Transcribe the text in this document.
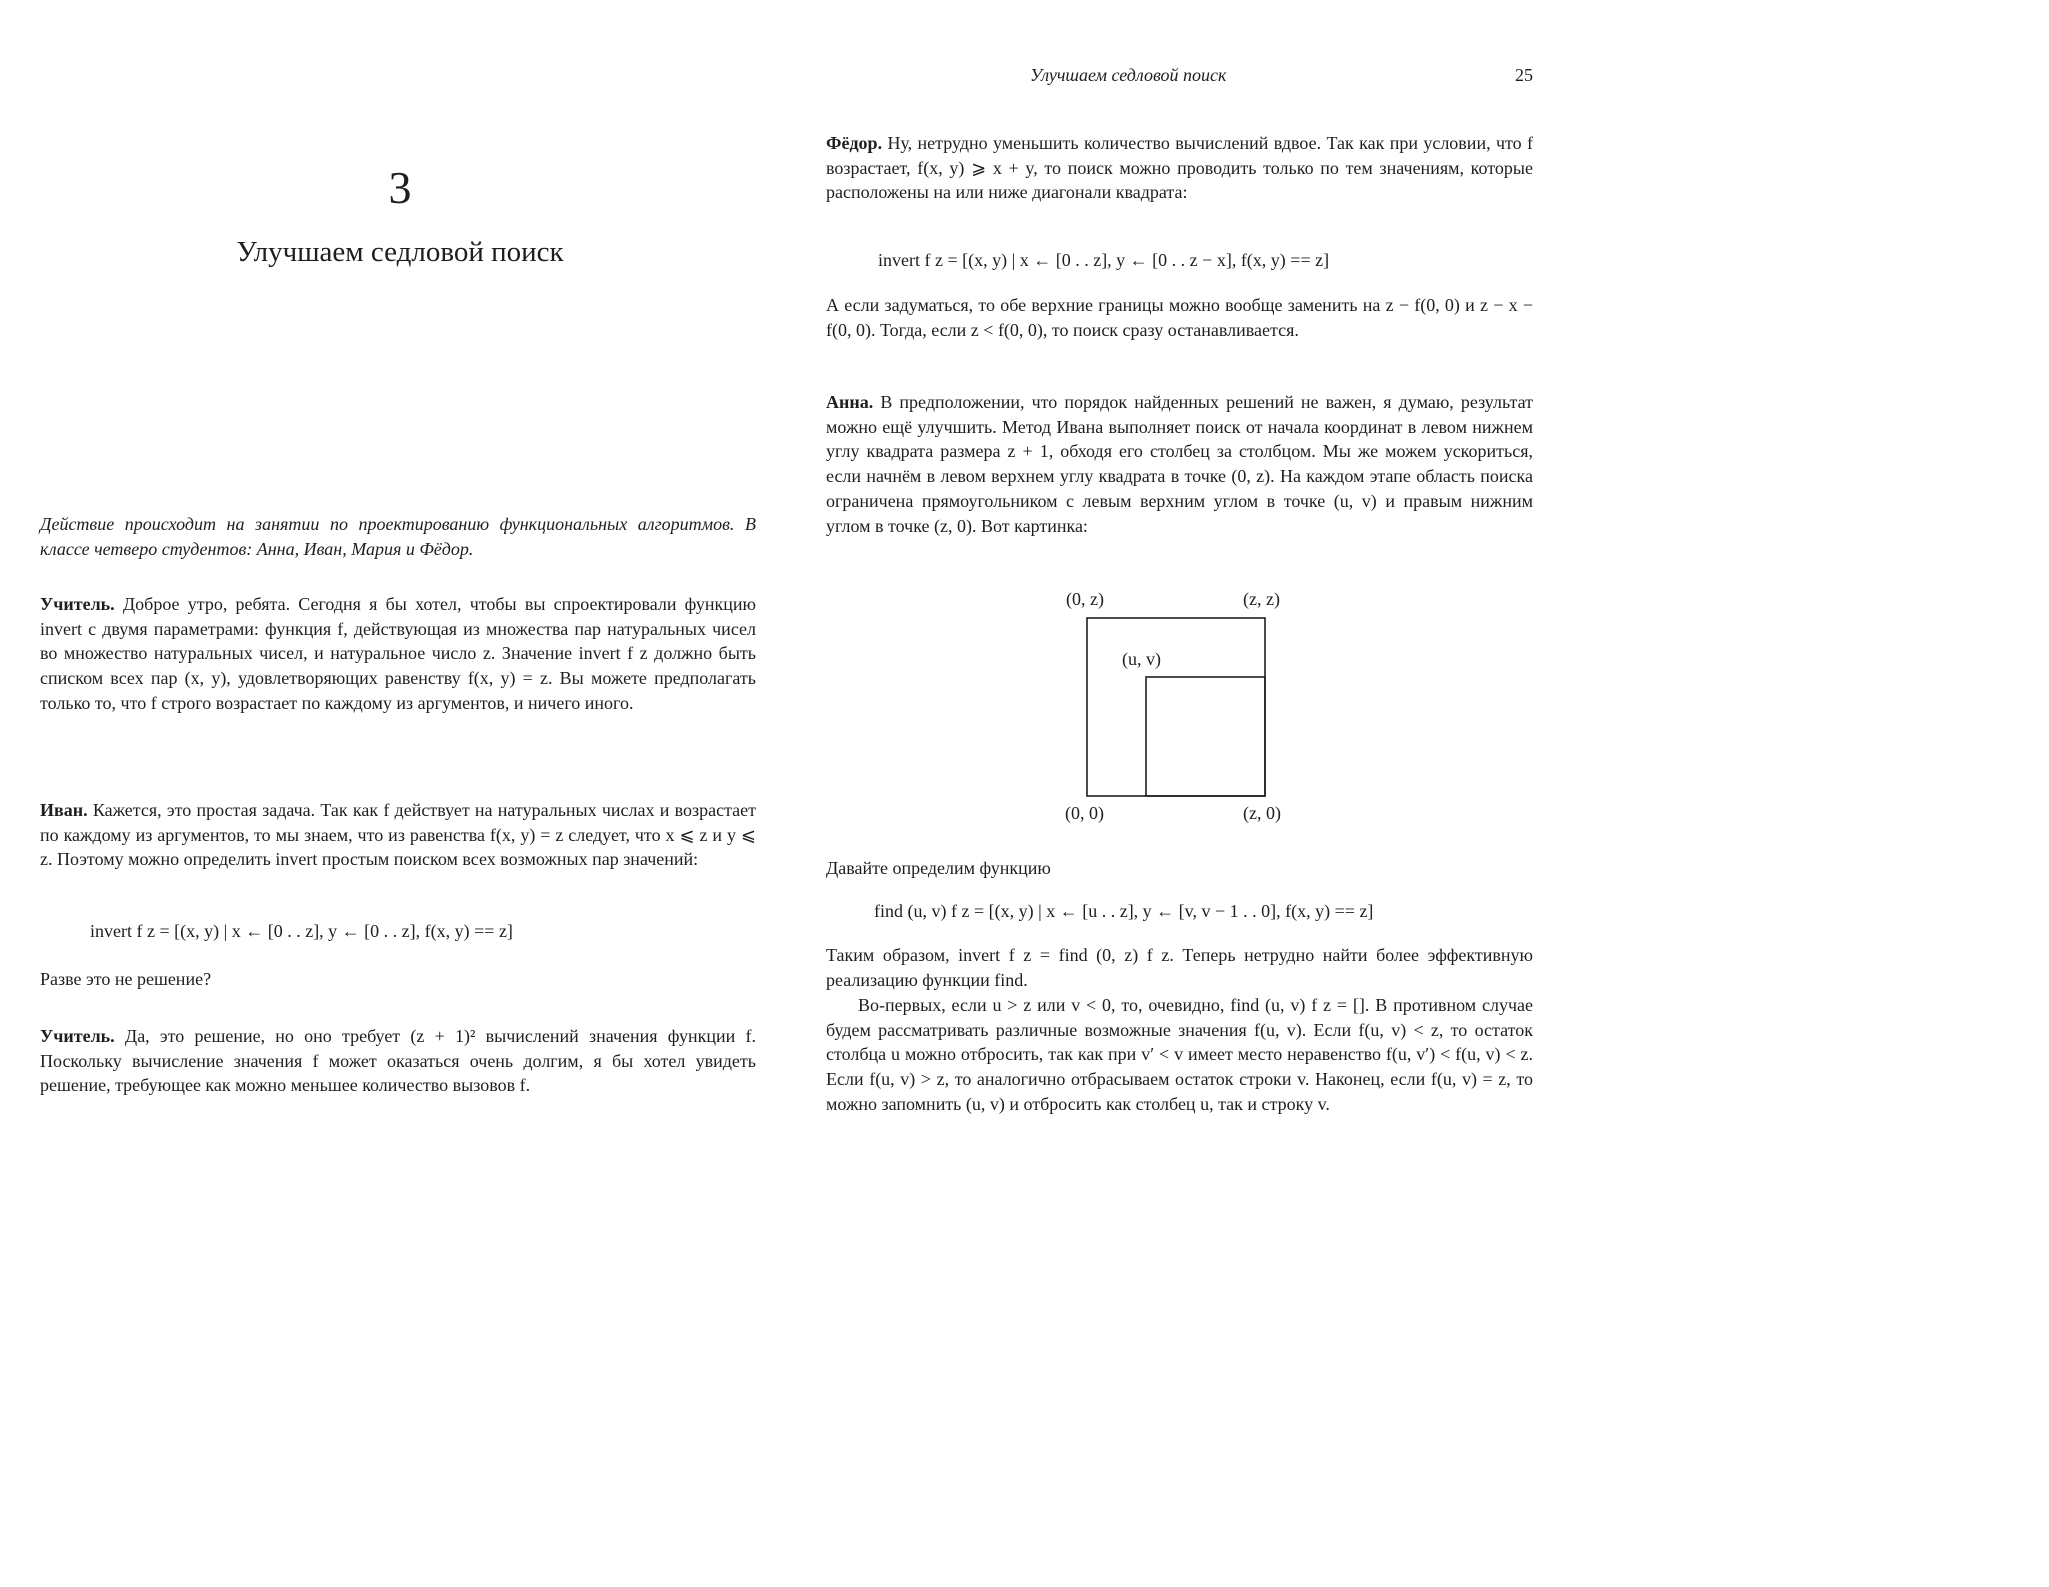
3
Улучшаем седловой поиск
Действие происходит на занятии по проектированию функциональных алгоритмов. В классе четверо студентов: Анна, Иван, Мария и Фёдор.
Учитель. Доброе утро, ребята. Сегодня я бы хотел, чтобы вы спроектировали функцию invert с двумя параметрами: функция f, действующая из множества пар натуральных чисел во множество натуральных чисел, и натуральное число z. Значение invert f z должно быть списком всех пар (x, y), удовлетворяющих равенству f(x, y) = z. Вы можете предполагать только то, что f строго возрастает по каждому из аргументов, и ничего иного.
Иван. Кажется, это простая задача. Так как f действует на натуральных числах и возрастает по каждому из аргументов, то мы знаем, что из равенства f(x, y) = z следует, что x ⩽ z и y ⩽ z. Поэтому можно определить invert простым поиском всех возможных пар значений:
invert f z = [(x, y) | x ← [0 . . z], y ← [0 . . z], f(x, y) == z]
Разве это не решение?
Учитель. Да, это решение, но оно требует (z + 1)² вычислений значения функции f. Поскольку вычисление значения f может оказаться очень долгим, я бы хотел увидеть решение, требующее как можно меньшее количество вызовов f.
Улучшаем седловой поиск	25
Фёдор. Ну, нетрудно уменьшить количество вычислений вдвое. Так как при условии, что f возрастает, f(x, y) ⩾ x + y, то поиск можно проводить только по тем значениям, которые расположены на или ниже диагонали квадрата:
invert f z = [(x, y) | x ← [0 . . z], y ← [0 . . z − x], f(x, y) == z]
А если задуматься, то обе верхние границы можно вообще заменить на z − f(0, 0) и z − x − f(0, 0). Тогда, если z < f(0, 0), то поиск сразу останавливается.
Анна. В предположении, что порядок найденных решений не важен, я думаю, результат можно ещё улучшить. Метод Ивана выполняет поиск от начала координат в левом нижнем углу квадрата размера z + 1, обходя его столбец за столбцом. Мы же можем ускориться, если начнём в левом верхнем углу квадрата в точке (0, z). На каждом этапе область поиска ограничена прямоугольником с левым верхним углом в точке (u, v) и правым нижним углом в точке (z, 0). Вот картинка:
(0, z)	(z, z)
(u, v)
(0, 0)	(z, 0)
Давайте определим функцию
find (u, v) f z = [(x, y) | x ← [u . . z], y ← [v, v − 1 . . 0], f(x, y) == z]
Таким образом, invert f z = find (0, z) f z. Теперь нетрудно найти более эффективную реализацию функции find.
Во-первых, если u > z или v < 0, то, очевидно, find (u, v) f z = []. В противном случае будем рассматривать различные возможные значения f(u, v). Если f(u, v) < z, то остаток столбца u можно отбросить, так как при v′ < v имеет место неравенство f(u, v′) < f(u, v) < z. Если f(u, v) > z, то аналогично отбрасываем остаток строки v. Наконец, если f(u, v) = z, то можно запомнить (u, v) и отбросить как столбец u, так и строку v.
